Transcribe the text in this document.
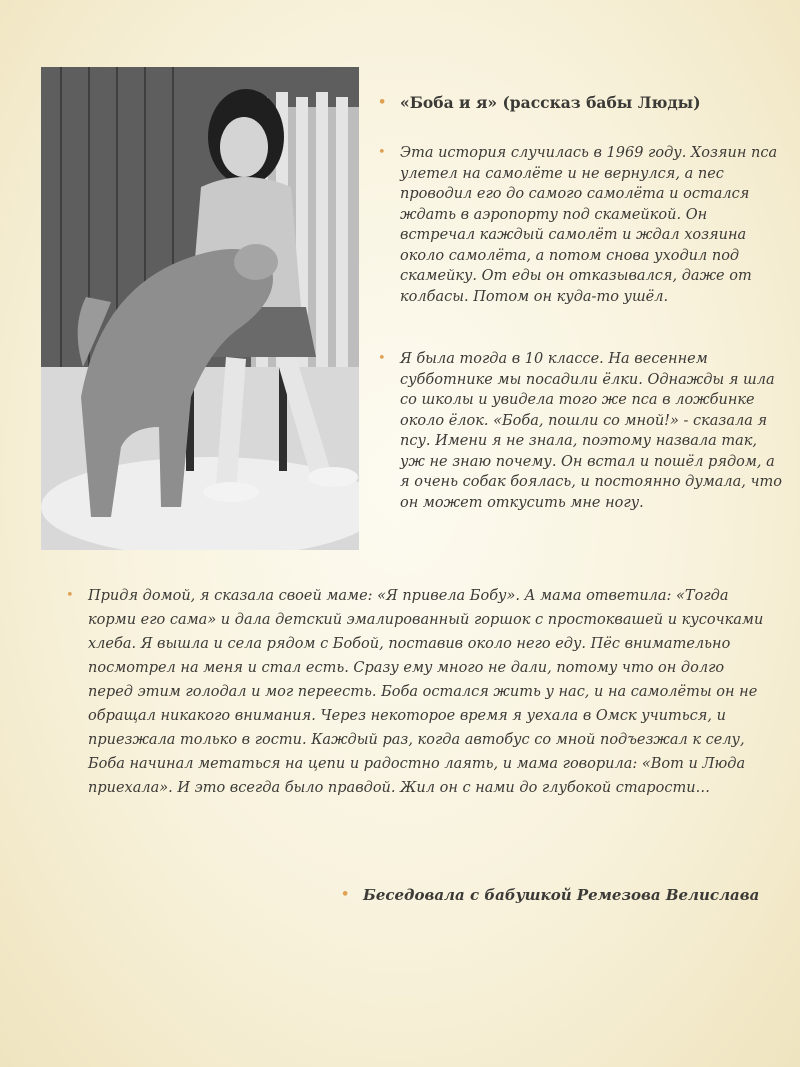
• «Боба и я» (рассказ бабы Люды)
• Эта история случилась в 1969 году. Хозяин пса улетел на самолёте и не вернулся, а пес проводил его до самого самолёта и остался ждать в аэропорту под скамейкой. Он встречал каждый самолёт и ждал хозяина около самолёта, а потом снова уходил под скамейку. От еды он отказывался, даже от колбасы. Потом он куда-то ушёл.
• Я была тогда в 10 классе. На весеннем субботнике мы посадили ёлки. Однажды я шла со школы и увидела того же пса в ложбинке около ёлок. «Боба, пошли со мной!» - сказала я псу. Имени я не знала, поэтому назвала так, уж не знаю почему. Он встал и пошёл рядом, а я очень собак боялась, и постоянно думала, что он может откусить мне ногу.
• Придя домой, я сказала своей маме: «Я привела Бобу». А мама ответила: «Тогда корми его сама» и дала детский эмалированный горшок с простоквашей и кусочками хлеба. Я вышла и села рядом с Бобой, поставив около него еду. Пёс внимательно посмотрел на меня и стал есть. Сразу ему много не дали, потому что он долго перед этим голодал и мог переесть. Боба остался жить у нас, и на самолёты он не обращал никакого внимания. Через некоторое время я уехала в Омск учиться, и приезжала только в гости. Каждый раз, когда автобус со мной подъезжал к селу, Боба начинал метаться на цепи и радостно лаять, и мама говорила: «Вот и Люда приехала». И это всегда было правдой. Жил он с нами до глубокой старости…
• Беседовала с бабушкой Ремезова Велислава
